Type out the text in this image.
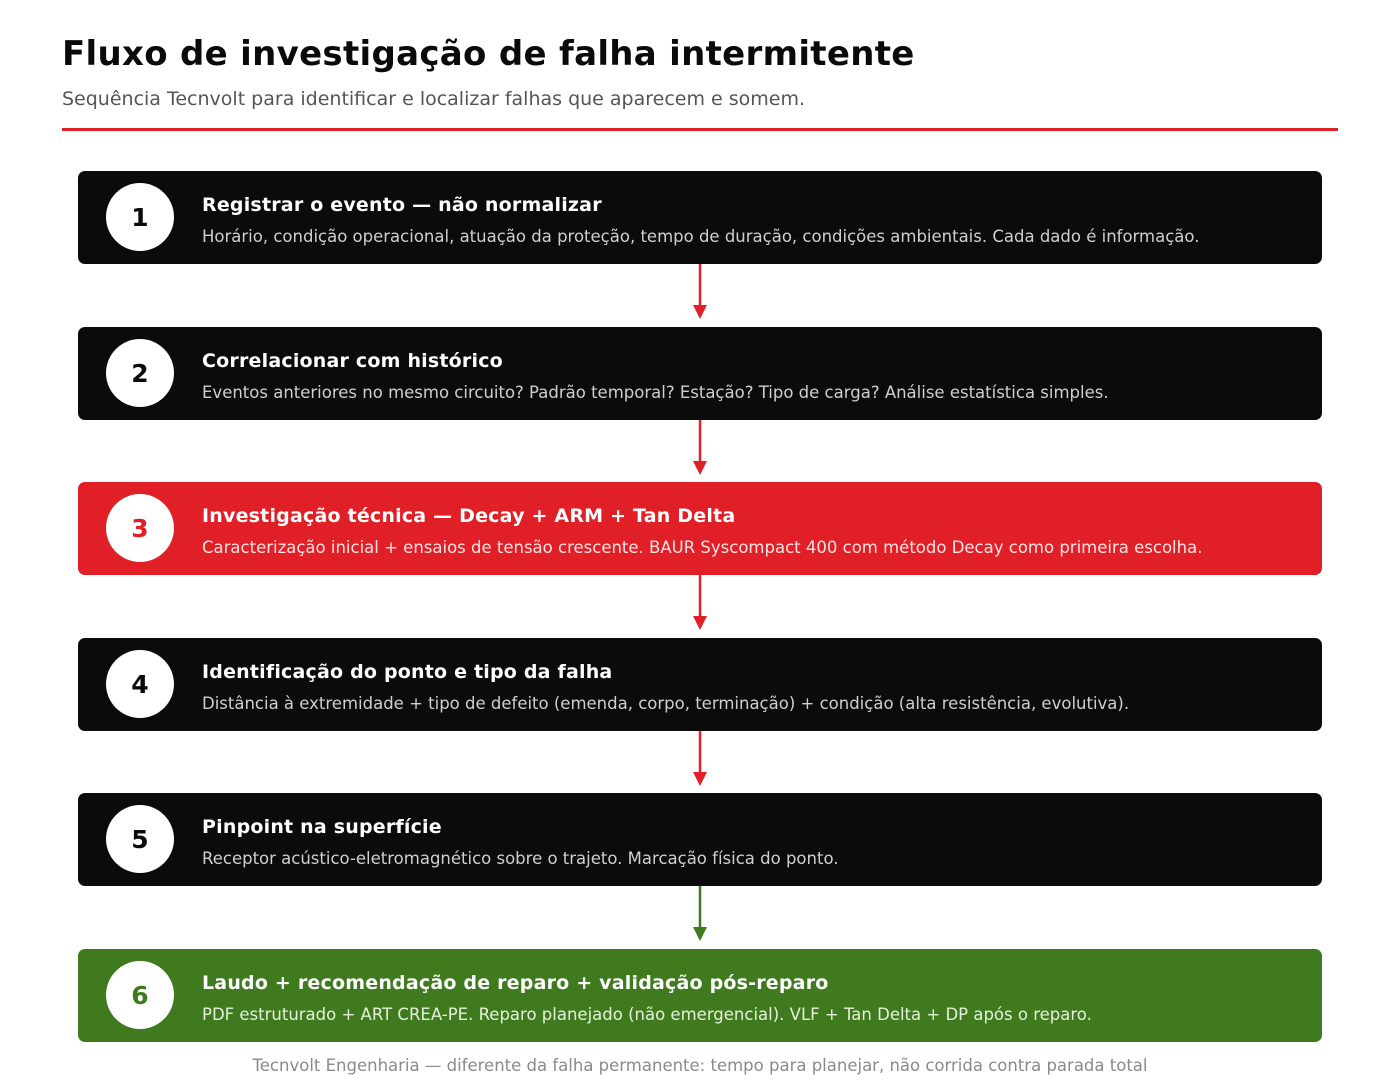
Fluxo de investigação de falha intermitente
Sequência Tecnvolt para identificar e localizar falhas que aparecem e somem.
1	Registrar o evento — não normalizar
Horário, condição operacional, atuação da proteção, tempo de duração, condições ambientais. Cada dado é informação.
2	Correlacionar com histórico
Eventos anteriores no mesmo circuito? Padrão temporal? Estação? Tipo de carga? Análise estatística simples.
3	Investigação técnica — Decay + ARM + Tan Delta
Caracterização inicial + ensaios de tensão crescente. BAUR Syscompact 400 com método Decay como primeira escolha.
4	Identificação do ponto e tipo da falha
Distância à extremidade + tipo de defeito (emenda, corpo, terminação) + condição (alta resistência, evolutiva).
5	Pinpoint na superfície
Receptor acústico-eletromagnético sobre o trajeto. Marcação física do ponto.
6	Laudo + recomendação de reparo + validação pós-reparo
PDF estruturado + ART CREA-PE. Reparo planejado (não emergencial). VLF + Tan Delta + DP após o reparo.
Tecnvolt Engenharia — diferente da falha permanente: tempo para planejar, não corrida contra parada total
